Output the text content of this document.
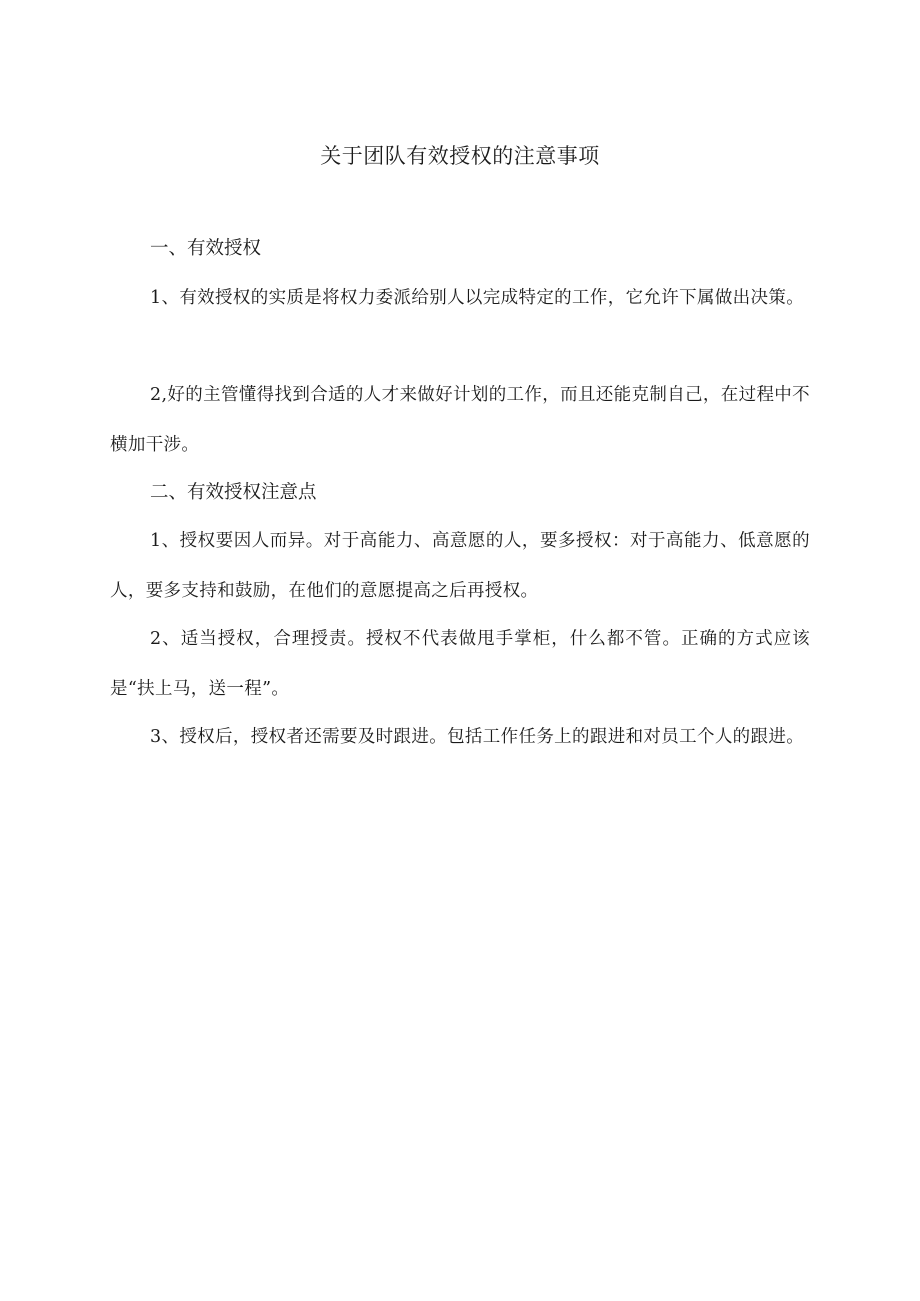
关于团队有效授权的注意事项
一、有效授权

1、有效授权的实质是将权力委派给别人以完成特定的工作，它允许下属做出决策。

2,好的主管懂得找到合适的人才来做好计划的工作，而且还能克制自己，在过程中不横加干涉。

二、有效授权注意点

1、授权要因人而异。对于高能力、高意愿的人，要多授权：对于高能力、低意愿的人，要多支持和鼓励，在他们的意愿提高之后再授权。

2、适当授权，合理授责。授权不代表做甩手掌柜，什么都不管。正确的方式应该是“扶上马，送一程”。

3、授权后，授权者还需要及时跟进。包括工作任务上的跟进和对员工个人的跟进。
